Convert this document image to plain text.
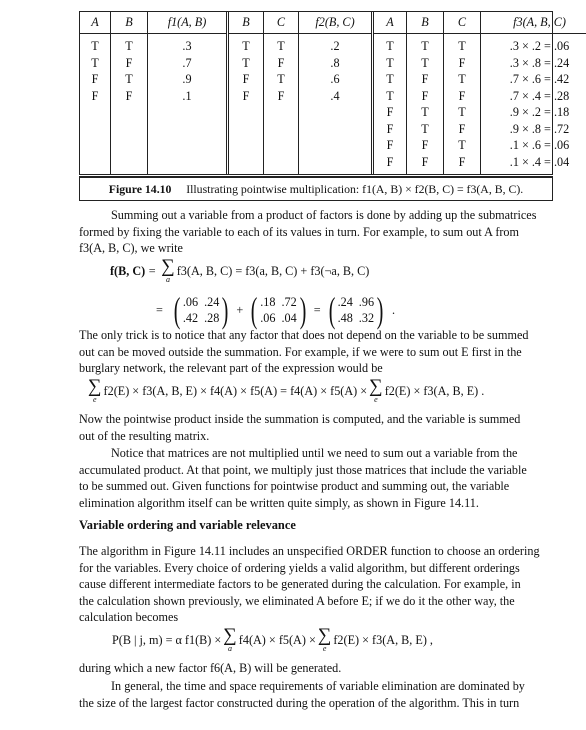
A
T
T
F
F
B
T
F
T
F
f1(A, B)
.3
.7
.9
.1
B
T
T
F
F
C
T
F
T
F
f2(B, C)
.2
.8
.6
.4
A
T
T
T
T
F
F
F
F
B
T
T
F
F
T
T
F
F
C
T
F
T
F
T
F
T
F
f3(A, B, C)
.3 × .2 = .06
.3 × .8 = .24
.7 × .6 = .42
.7 × .4 = .28
.9 × .2 = .18
.9 × .8 = .72
.1 × .6 = .06
.1 × .4 = .04
Figure 14.10 Illustrating pointwise multiplication: f1(A, B) × f2(B, C) = f3(A, B, C).
Summing out a variable from a product of factors is done by adding up the submatrices
formed by fixing the variable to each of its values in turn. For example, to sum out A from
f3(A, B, C), we write
f(B, C) = ∑
a
f3(A, B, C) = f3(a, B, C) + f3(¬a, B, C)
= ( .06 .24
.42 .28 ) + ( .18 .72
.06 .04 ) = ( .24 .96
.48 .32 ) .
The only trick is to notice that any factor that does not depend on the variable to be summed
out can be moved outside the summation. For example, if we were to sum out E first in the
burglary network, the relevant part of the expression would be
∑
e
f2(E) × f3(A, B, E) × f4(A) × f5(A) = f4(A) × f5(A) × ∑
e
f2(E) × f3(A, B, E) .
Now the pointwise product inside the summation is computed, and the variable is summed
out of the resulting matrix.
Notice that matrices are not multiplied until we need to sum out a variable from the
accumulated product. At that point, we multiply just those matrices that include the variable
to be summed out. Given functions for pointwise product and summing out, the variable
elimination algorithm itself can be written quite simply, as shown in Figure 14.11.
Variable ordering and variable relevance
The algorithm in Figure 14.11 includes an unspecified ORDER function to choose an ordering
for the variables. Every choice of ordering yields a valid algorithm, but different orderings
cause different intermediate factors to be generated during the calculation. For example, in
the calculation shown previously, we eliminated A before E; if we do it the other way, the
calculation becomes
P(B | j, m) = α f1(B) × ∑
a
f4(A) × f5(A) × ∑
e
f2(E) × f3(A, B, E) ,
during which a new factor f6(A, B) will be generated.
In general, the time and space requirements of variable elimination are dominated by
the size of the largest factor constructed during the operation of the algorithm. This in turn
